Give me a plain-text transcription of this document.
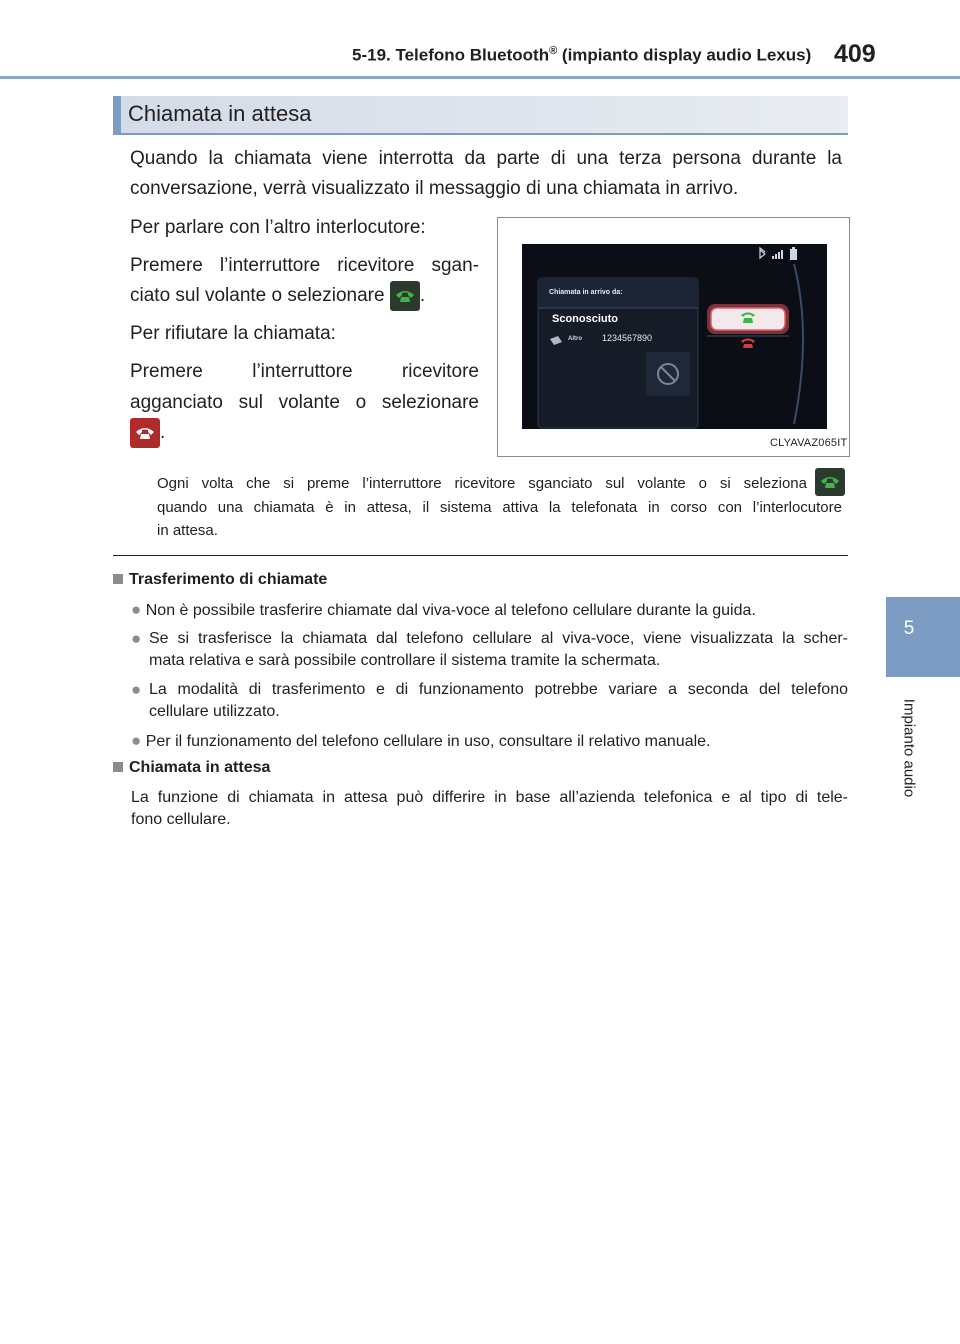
5-19. Telefono Bluetooth® (impianto display audio Lexus) 409
5
Impianto audio
Chiamata in attesa
Quando la chiamata viene interrotta da parte di una terza persona durante la
conversazione, verrà visualizzato il messaggio di una chiamata in arrivo.
Per parlare con l’altro interlocutore:
Premere l’interruttore ricevitore sgan-
ciato sul volante o selezionare .
Per rifiutare la chiamata:
Premere l’interruttore ricevitore
agganciato sul volante o selezionare
.
Chiamata in arrivo da:
Sconosciuto
Altro 1234567890
CLYAVAZ065IT
Ogni volta che si preme l’interruttore ricevitore sganciato sul volante o si seleziona
quando una chiamata è in attesa, il sistema attiva la telefonata in corso con l’interlocutore
in attesa.
Trasferimento di chiamate
● Non è possibile trasferire chiamate dal viva-voce al telefono cellulare durante la guida.
● Se si trasferisce la chiamata dal telefono cellulare al viva-voce, viene visualizzata la scher-
mata relativa e sarà possibile controllare il sistema tramite la schermata.
● La modalità di trasferimento e di funzionamento potrebbe variare a seconda del telefono
cellulare utilizzato.
● Per il funzionamento del telefono cellulare in uso, consultare il relativo manuale.
Chiamata in attesa
La funzione di chiamata in attesa può differire in base all’azienda telefonica e al tipo di tele-
fono cellulare.
